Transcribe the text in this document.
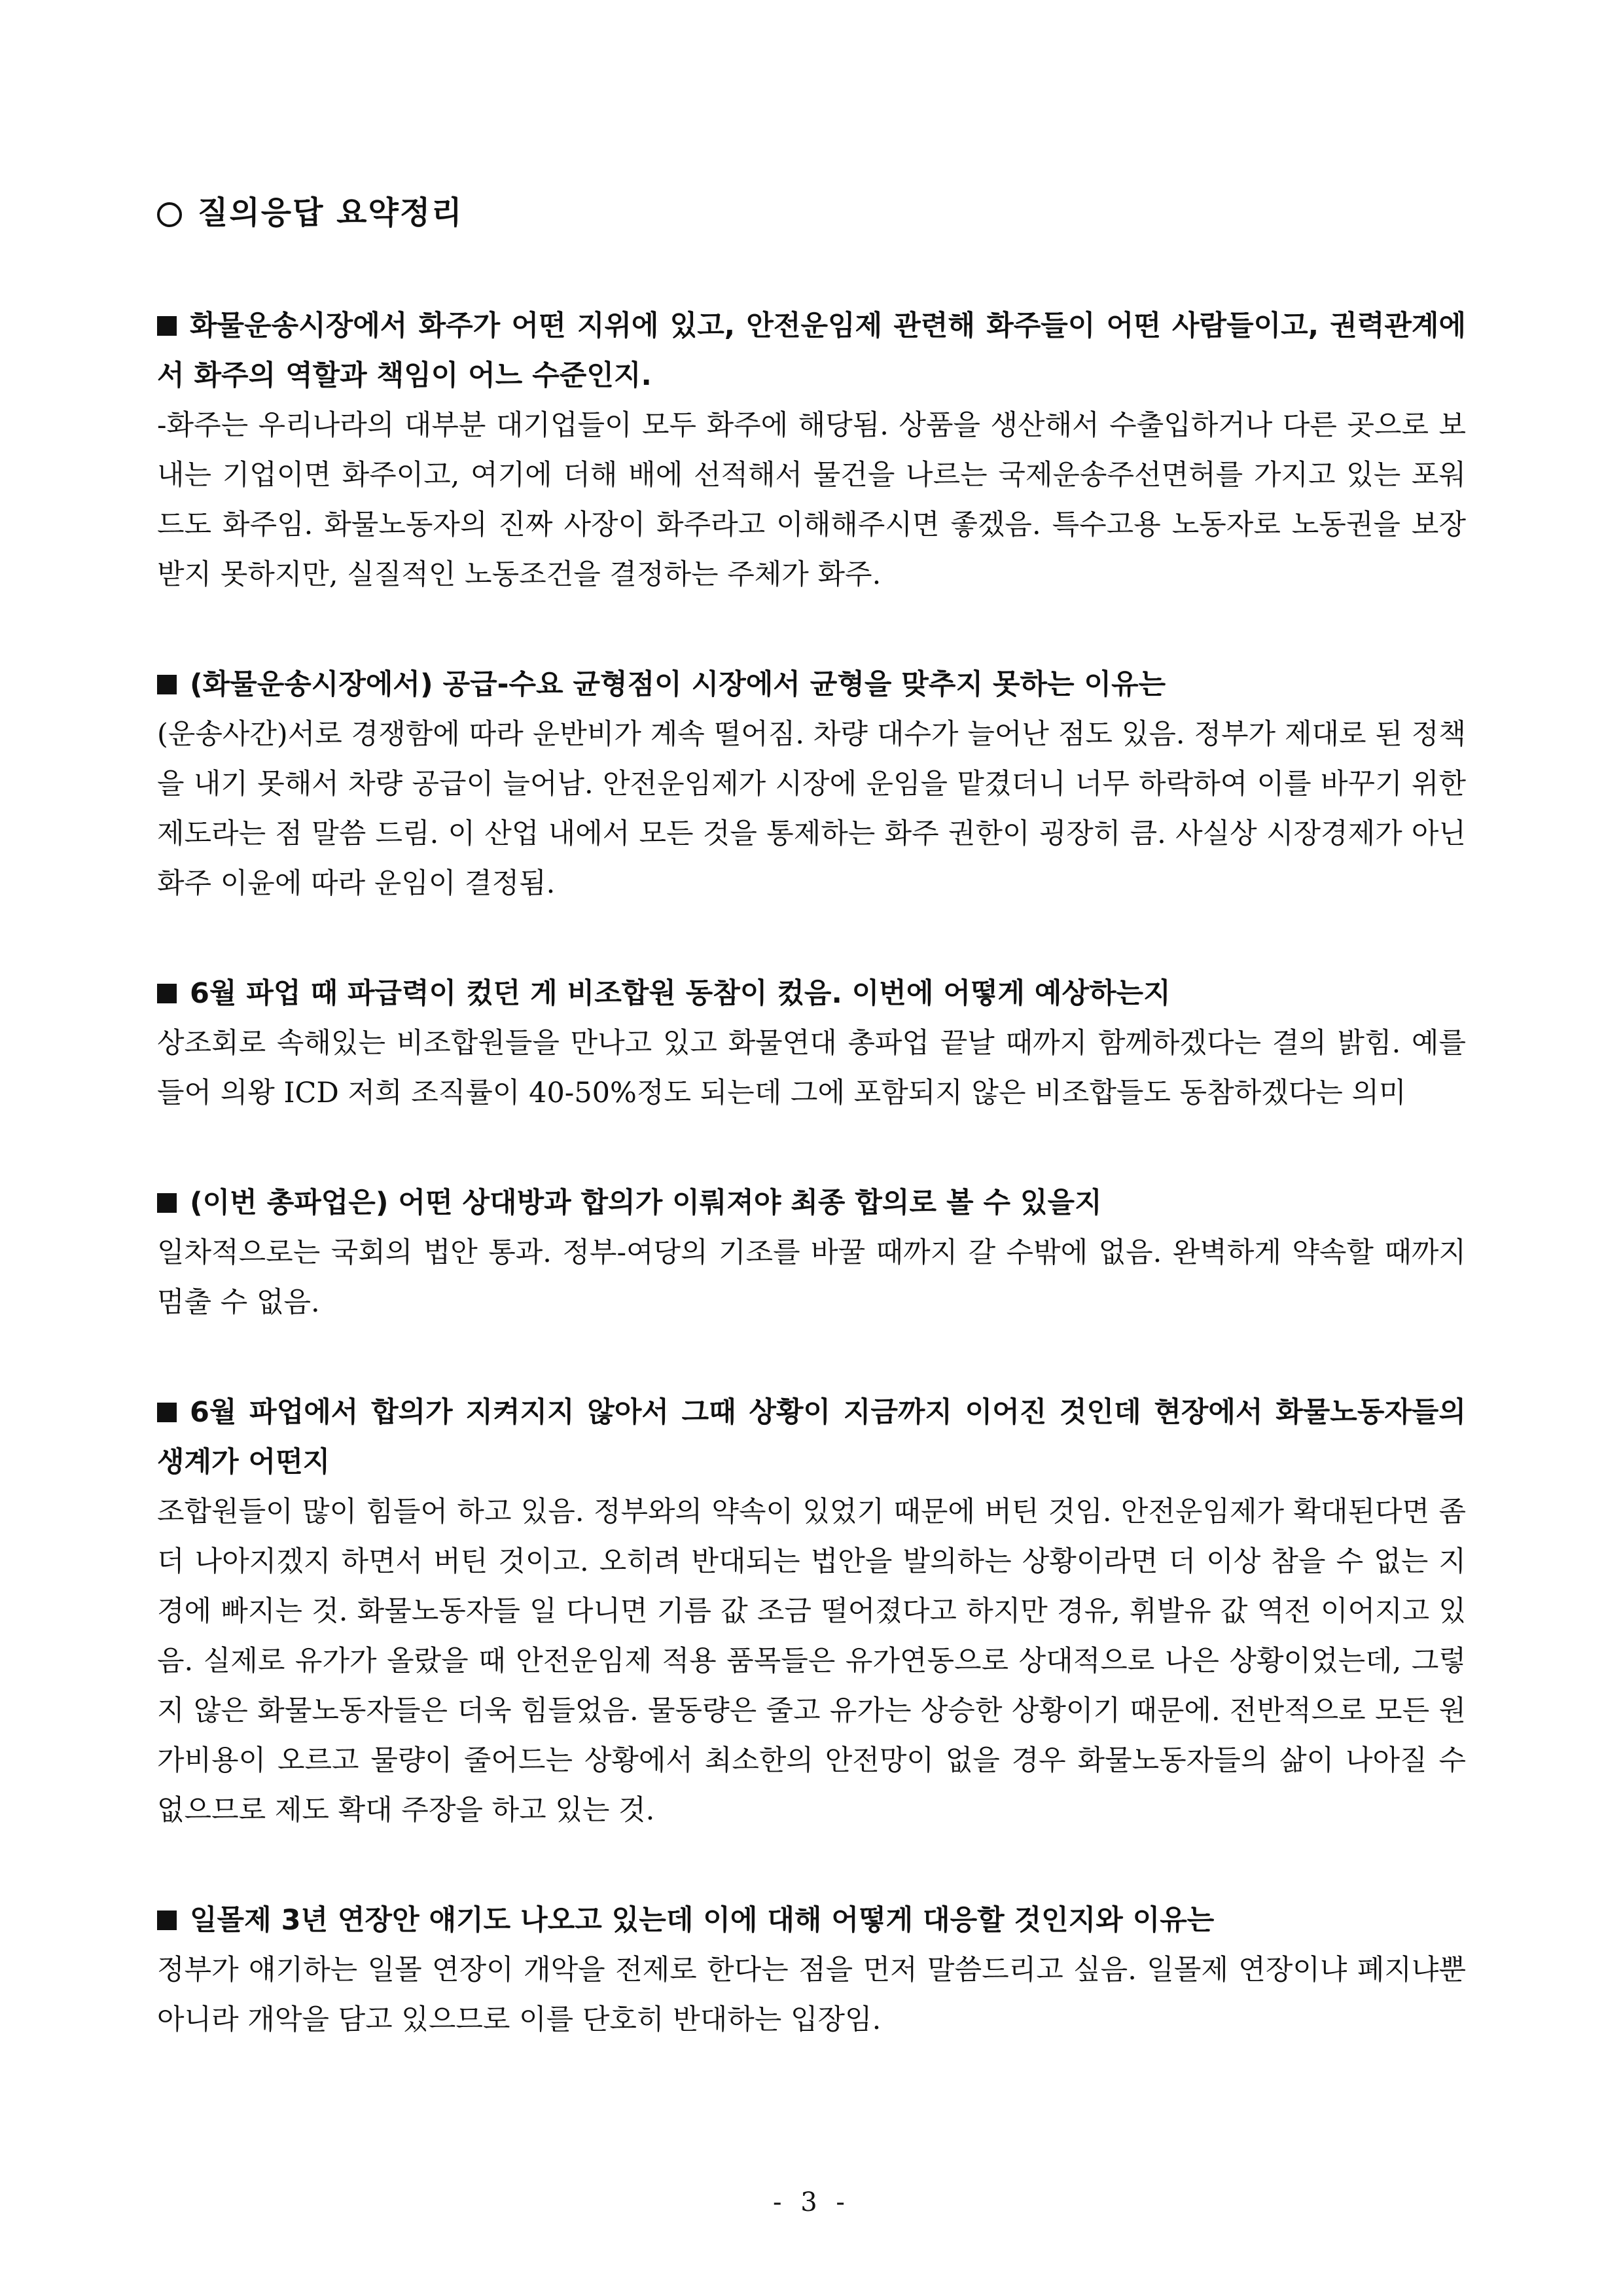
질의응답 요약정리
화물운송시장에서 화주가 어떤 지위에 있고, 안전운임제 관련해 화주들이 어떤 사람들이고, 권력관계에서 화주의 역할과 책임이 어느 수준인지.
-화주는 우리나라의 대부분 대기업들이 모두 화주에 해당됨. 상품을 생산해서 수출입하거나 다른 곳으로 보내는 기업이면 화주이고, 여기에 더해 배에 선적해서 물건을 나르는 국제운송주선면허를 가지고 있는 포워드도 화주임. 화물노동자의 진짜 사장이 화주라고 이해해주시면 좋겠음. 특수고용 노동자로 노동권을 보장받지 못하지만, 실질적인 노동조건을 결정하는 주체가 화주.
(화물운송시장에서) 공급-수요 균형점이 시장에서 균형을 맞추지 못하는 이유는
(운송사간)서로 경쟁함에 따라 운반비가 계속 떨어짐. 차량 대수가 늘어난 점도 있음. 정부가 제대로 된 정책을 내기 못해서 차량 공급이 늘어남. 안전운임제가 시장에 운임을 맡겼더니 너무 하락하여 이를 바꾸기 위한 제도라는 점 말씀 드림. 이 산업 내에서 모든 것을 통제하는 화주 권한이 굉장히 큼. 사실상 시장경제가 아닌 화주 이윤에 따라 운임이 결정됨.
6월 파업 때 파급력이 컸던 게 비조합원 동참이 컸음. 이번에 어떻게 예상하는지
상조회로 속해있는 비조합원들을 만나고 있고 화물연대 총파업 끝날 때까지 함께하겠다는 결의 밝힘. 예를 들어 의왕 ICD 저희 조직률이 40-50%정도 되는데 그에 포함되지 않은 비조합들도 동참하겠다는 의미
(이번 총파업은) 어떤 상대방과 합의가 이뤄져야 최종 합의로 볼 수 있을지
일차적으로는 국회의 법안 통과. 정부-여당의 기조를 바꿀 때까지 갈 수밖에 없음. 완벽하게 약속할 때까지 멈출 수 없음.
6월 파업에서 합의가 지켜지지 않아서 그때 상황이 지금까지 이어진 것인데 현장에서 화물노동자들의 생계가 어떤지
조합원들이 많이 힘들어 하고 있음. 정부와의 약속이 있었기 때문에 버틴 것임. 안전운임제가 확대된다면 좀 더 나아지겠지 하면서 버틴 것이고. 오히려 반대되는 법안을 발의하는 상황이라면 더 이상 참을 수 없는 지경에 빠지는 것. 화물노동자들 일 다니면 기름 값 조금 떨어졌다고 하지만 경유, 휘발유 값 역전 이어지고 있음. 실제로 유가가 올랐을 때 안전운임제 적용 품목들은 유가연동으로 상대적으로 나은 상황이었는데, 그렇지 않은 화물노동자들은 더욱 힘들었음. 물동량은 줄고 유가는 상승한 상황이기 때문에. 전반적으로 모든 원가비용이 오르고 물량이 줄어드는 상황에서 최소한의 안전망이 없을 경우 화물노동자들의 삶이 나아질 수 없으므로 제도 확대 주장을 하고 있는 것.
일몰제 3년 연장안 얘기도 나오고 있는데 이에 대해 어떻게 대응할 것인지와 이유는
정부가 얘기하는 일몰 연장이 개악을 전제로 한다는 점을 먼저 말씀드리고 싶음. 일몰제 연장이냐 폐지냐뿐 아니라 개악을 담고 있으므로 이를 단호히 반대하는 입장임.
- 3 -
